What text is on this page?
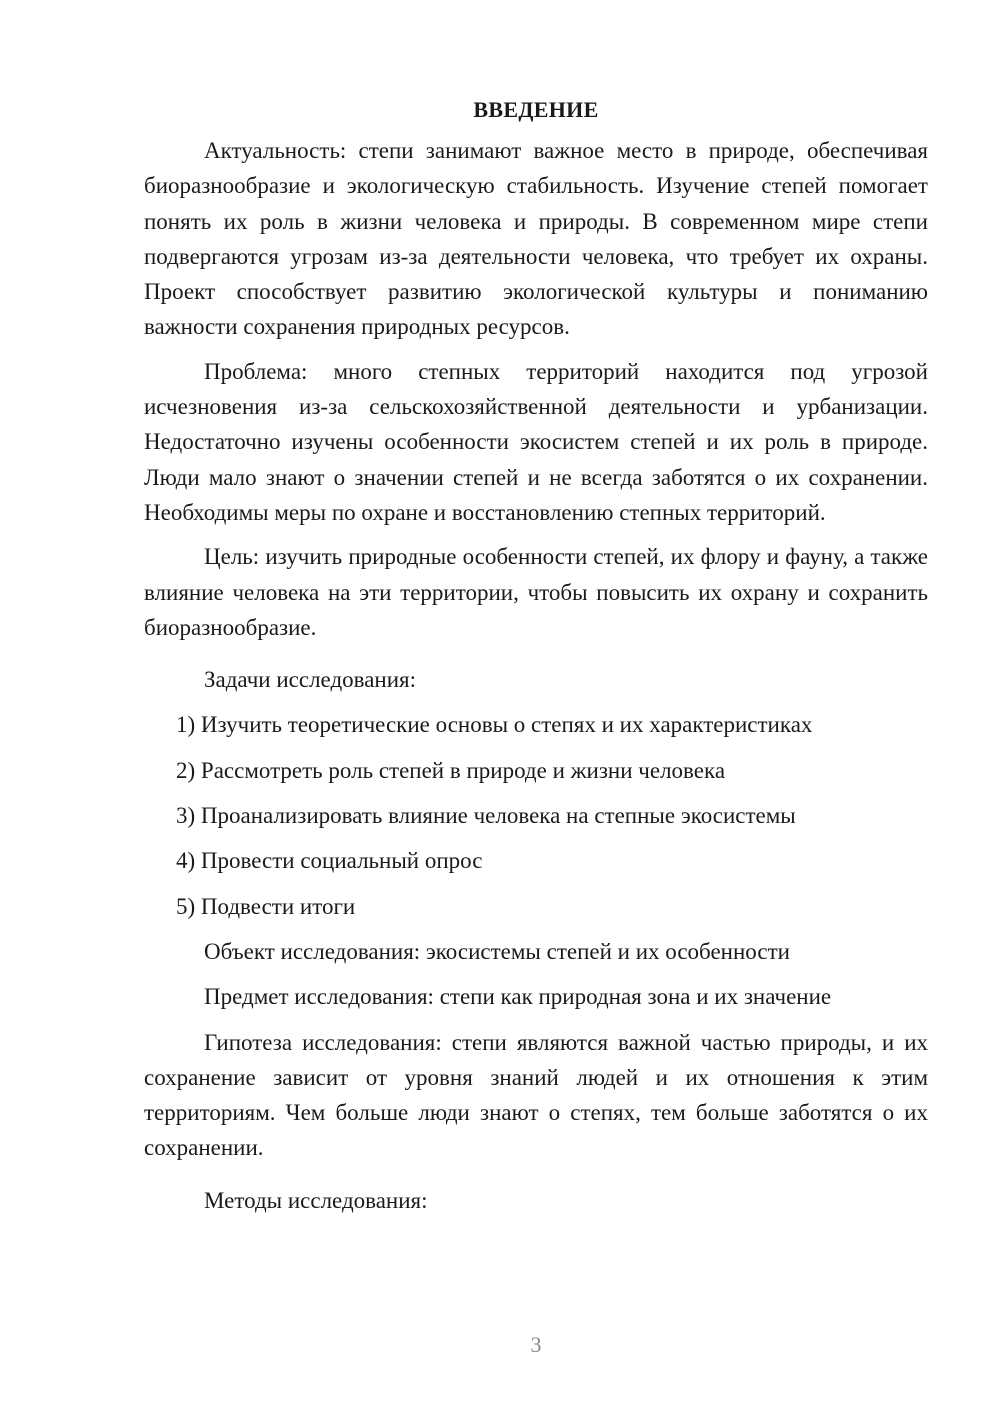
ВВЕДЕНИЕ

Актуальность: степи занимают важное место в природе, обеспечивая биоразнообразие и экологическую стабильность. Изучение степей помогает понять их роль в жизни человека и природы. В современном мире степи подвергаются угрозам из-за деятельности человека, что требует их охраны. Проект способствует развитию экологической культуры и пониманию важности сохранения природных ресурсов.

Проблема: много степных территорий находится под угрозой исчезновения из-за сельскохозяйственной деятельности и урбанизации. Недостаточно изучены особенности экосистем степей и их роль в природе. Люди мало знают о значении степей и не всегда заботятся о их сохранении. Необходимы меры по охране и восстановлению степных территорий.

Цель: изучить природные особенности степей, их флору и фауну, а также влияние человека на эти территории, чтобы повысить их охрану и сохранить биоразнообразие.

Задачи исследования:

1) Изучить теоретические основы о степях и их характеристиках

2) Рассмотреть роль степей в природе и жизни человека

3) Проанализировать влияние человека на степные экосистемы

4) Провести социальный опрос

5) Подвести итоги

Объект исследования: экосистемы степей и их особенности

Предмет исследования: степи как природная зона и их значение

Гипотеза исследования: степи являются важной частью природы, и их сохранение зависит от уровня знаний людей и их отношения к этим территориям. Чем больше люди знают о степях, тем больше заботятся о их сохранении.

Методы исследования:

3
